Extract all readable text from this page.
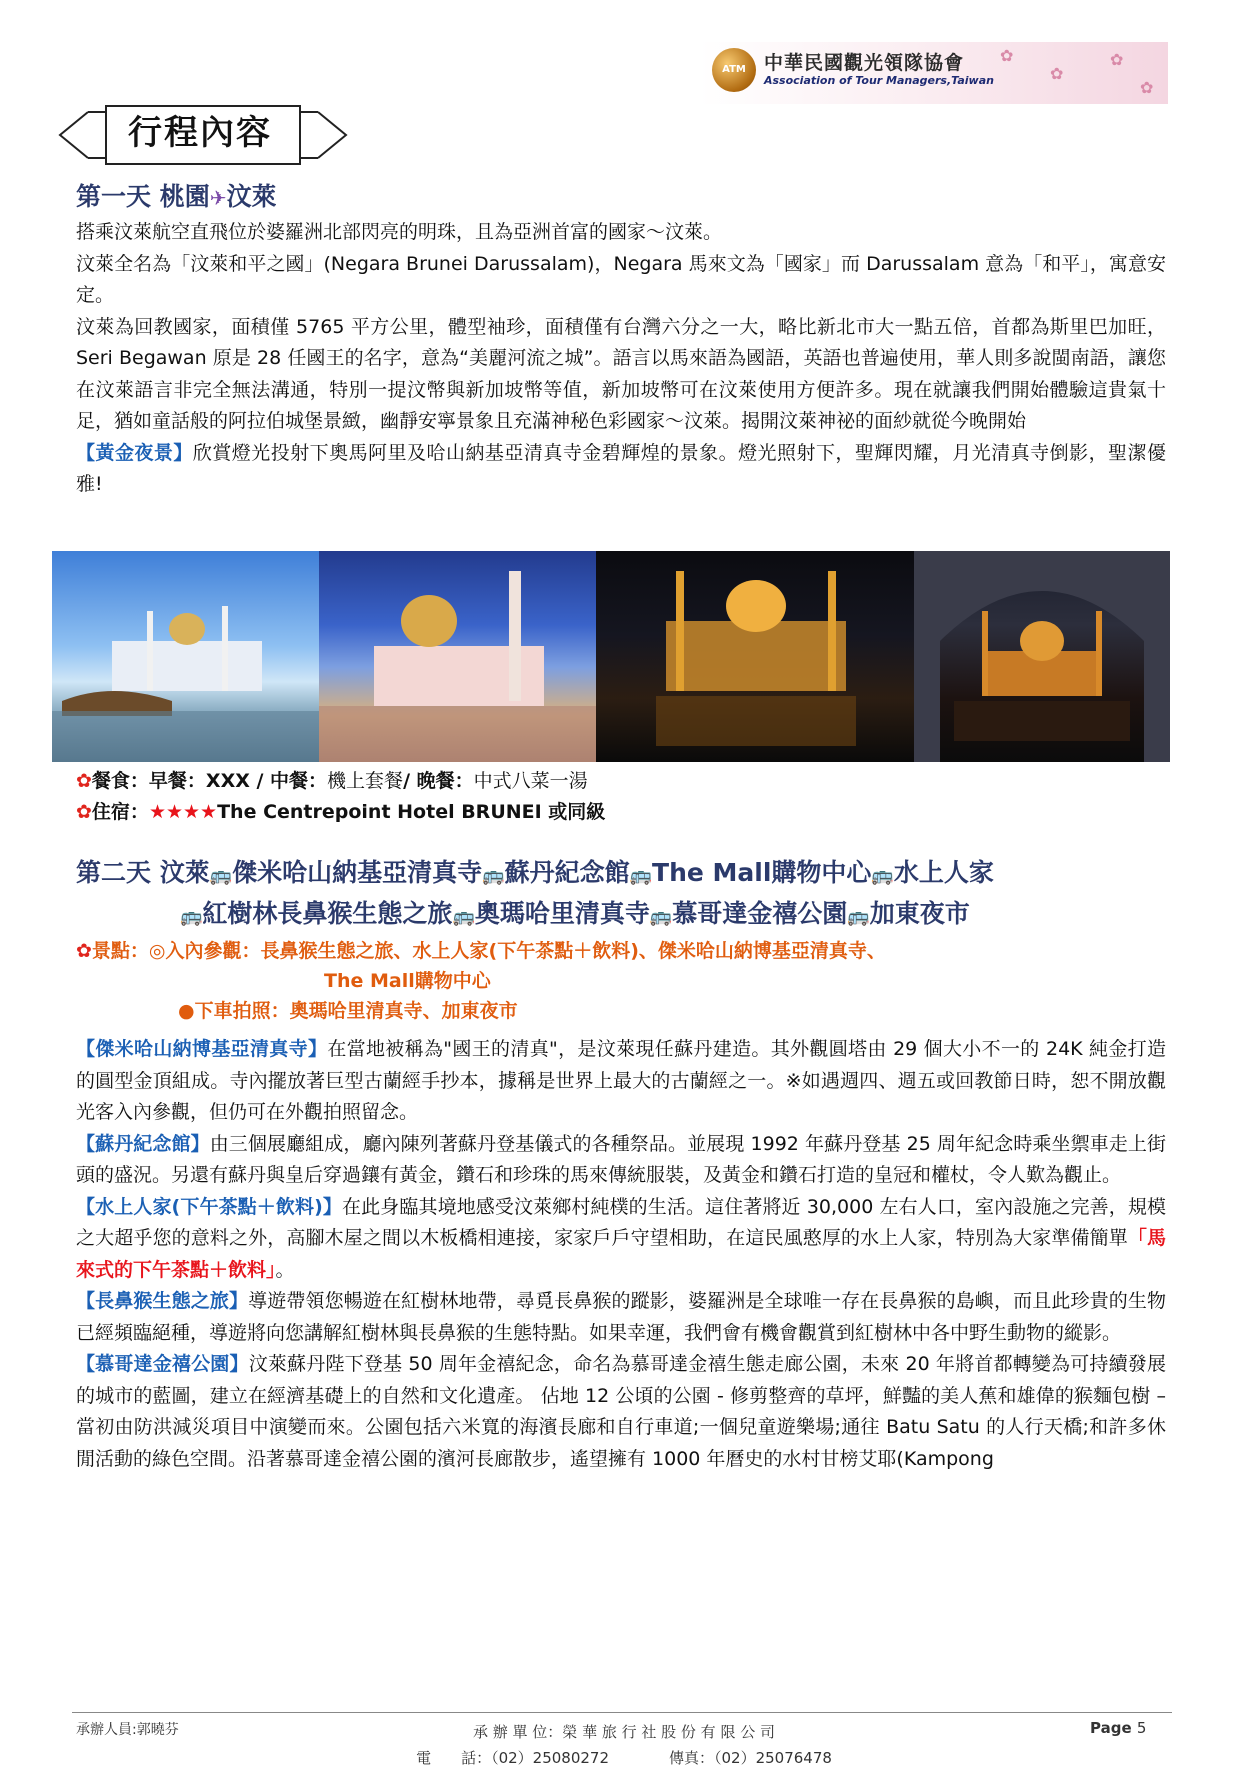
✿
✿
✿
✿
ATM 中華民國觀光領隊協會
Association of Tour Managers,Taiwan
行程內容
第一天 桃園✈汶萊

搭乘汶萊航空直飛位於婆羅洲北部閃亮的明珠，且為亞洲首富的國家～汶萊。

汶萊全名為「汶萊和平之國」(Negara Brunei Darussalam)，Negara 馬來文為「國家」而 Darussalam 意為「和平」，寓意安定。

汶萊為回教國家，面積僅 5765 平方公里，體型袖珍，面積僅有台灣六分之一大，略比新北市大一點五倍，首都為斯里巴加旺，Seri Begawan 原是 28 任國王的名字，意為“美麗河流之城”。語言以馬來語為國語，英語也普遍使用，華人則多說閩南語，讓您在汶萊語言非完全無法溝通，特別一提汶幣與新加坡幣等值，新加坡幣可在汶萊使用方便許多。現在就讓我們開始體驗這貴氣十足，猶如童話般的阿拉伯城堡景緻，幽靜安寧景象且充滿神秘色彩國家～汶萊。揭開汶萊神祕的面紗就從今晚開始

【黃金夜景】欣賞燈光投射下奧馬阿里及哈山納基亞清真寺金碧輝煌的景象。燈光照射下，聖輝閃耀，月光清真寺倒影，聖潔優雅!

✿餐食：早餐：XXX / 中餐：機上套餐/ 晚餐：中式八菜一湯
✿住宿：★★★★The Centrepoint Hotel BRUNEI 或同級
第二天 汶萊🚌傑米哈山納基亞清真寺🚌蘇丹紀念館🚌The Mall購物中心🚌水上人家
🚌紅樹林長鼻猴生態之旅🚌奧瑪哈里清真寺🚌慕哥達金禧公園🚌加東夜市
✿景點：◎入內參觀：長鼻猴生態之旅、水上人家(下午茶點＋飲料)、傑米哈山納博基亞清真寺、
The Mall購物中心
●下車拍照：奧瑪哈里清真寺、加東夜市

【傑米哈山納博基亞清真寺】在當地被稱為"國王的清真"，是汶萊現任蘇丹建造。其外觀圓塔由 29 個大小不一的 24K 純金打造的圓型金頂組成。寺內擺放著巨型古蘭經手抄本，據稱是世界上最大的古蘭經之一。※如遇週四、週五或回教節日時，恕不開放觀光客入內參觀，但仍可在外觀拍照留念。

【蘇丹紀念館】由三個展廳組成，廳內陳列著蘇丹登基儀式的各種祭品。並展現 1992 年蘇丹登基 25 周年紀念時乘坐禦車走上街頭的盛況。另還有蘇丹與皇后穿過鑲有黃金，鑽石和珍珠的馬來傳統服裝，及黃金和鑽石打造的皇冠和權杖，令人歎為觀止。

【水上人家(下午茶點＋飲料)】在此身臨其境地感受汶萊鄉村純樸的生活。這住著將近 30,000 左右人口，室內設施之完善，規模之大超乎您的意料之外，高腳木屋之間以木板橋相連接，家家戶戶守望相助，在這民風憨厚的水上人家，特別為大家準備簡單「馬來式的下午茶點＋飲料」。

【長鼻猴生態之旅】導遊帶領您暢遊在紅樹林地帶，尋覓長鼻猴的蹤影，婆羅洲是全球唯一存在長鼻猴的島嶼，而且此珍貴的生物已經頻臨絕種，導遊將向您講解紅樹林與長鼻猴的生態特點。如果幸運，我們會有機會觀賞到紅樹林中各中野生動物的縱影。

【慕哥達金禧公園】汶萊蘇丹陛下登基 50 周年金禧紀念，命名為慕哥達金禧生態走廊公園，未來 20 年將首都轉變為可持續發展的城市的藍圖，建立在經濟基礎上的自然和文化遺產。 佔地 12 公頃的公園 - 修剪整齊的草坪，鮮豔的美人蕉和雄偉的猴麵包樹 – 當初由防洪減災項目中演變而來。公園包括六米寬的海濱長廊和自行車道;一個兒童遊樂場;通往 Batu Satu 的人行天橋;和許多休閒活動的綠色空間。沿著慕哥達金禧公園的濱河長廊散步，遙望擁有 1000 年曆史的水村甘榜艾耶(Kampong

承辦人員:郭曉芬	承 辦 單 位：榮 華 旅 行 社 股 份 有 限 公 司
電　　話：（02）25080272　　　　傳真：（02）25076478
Page 5
